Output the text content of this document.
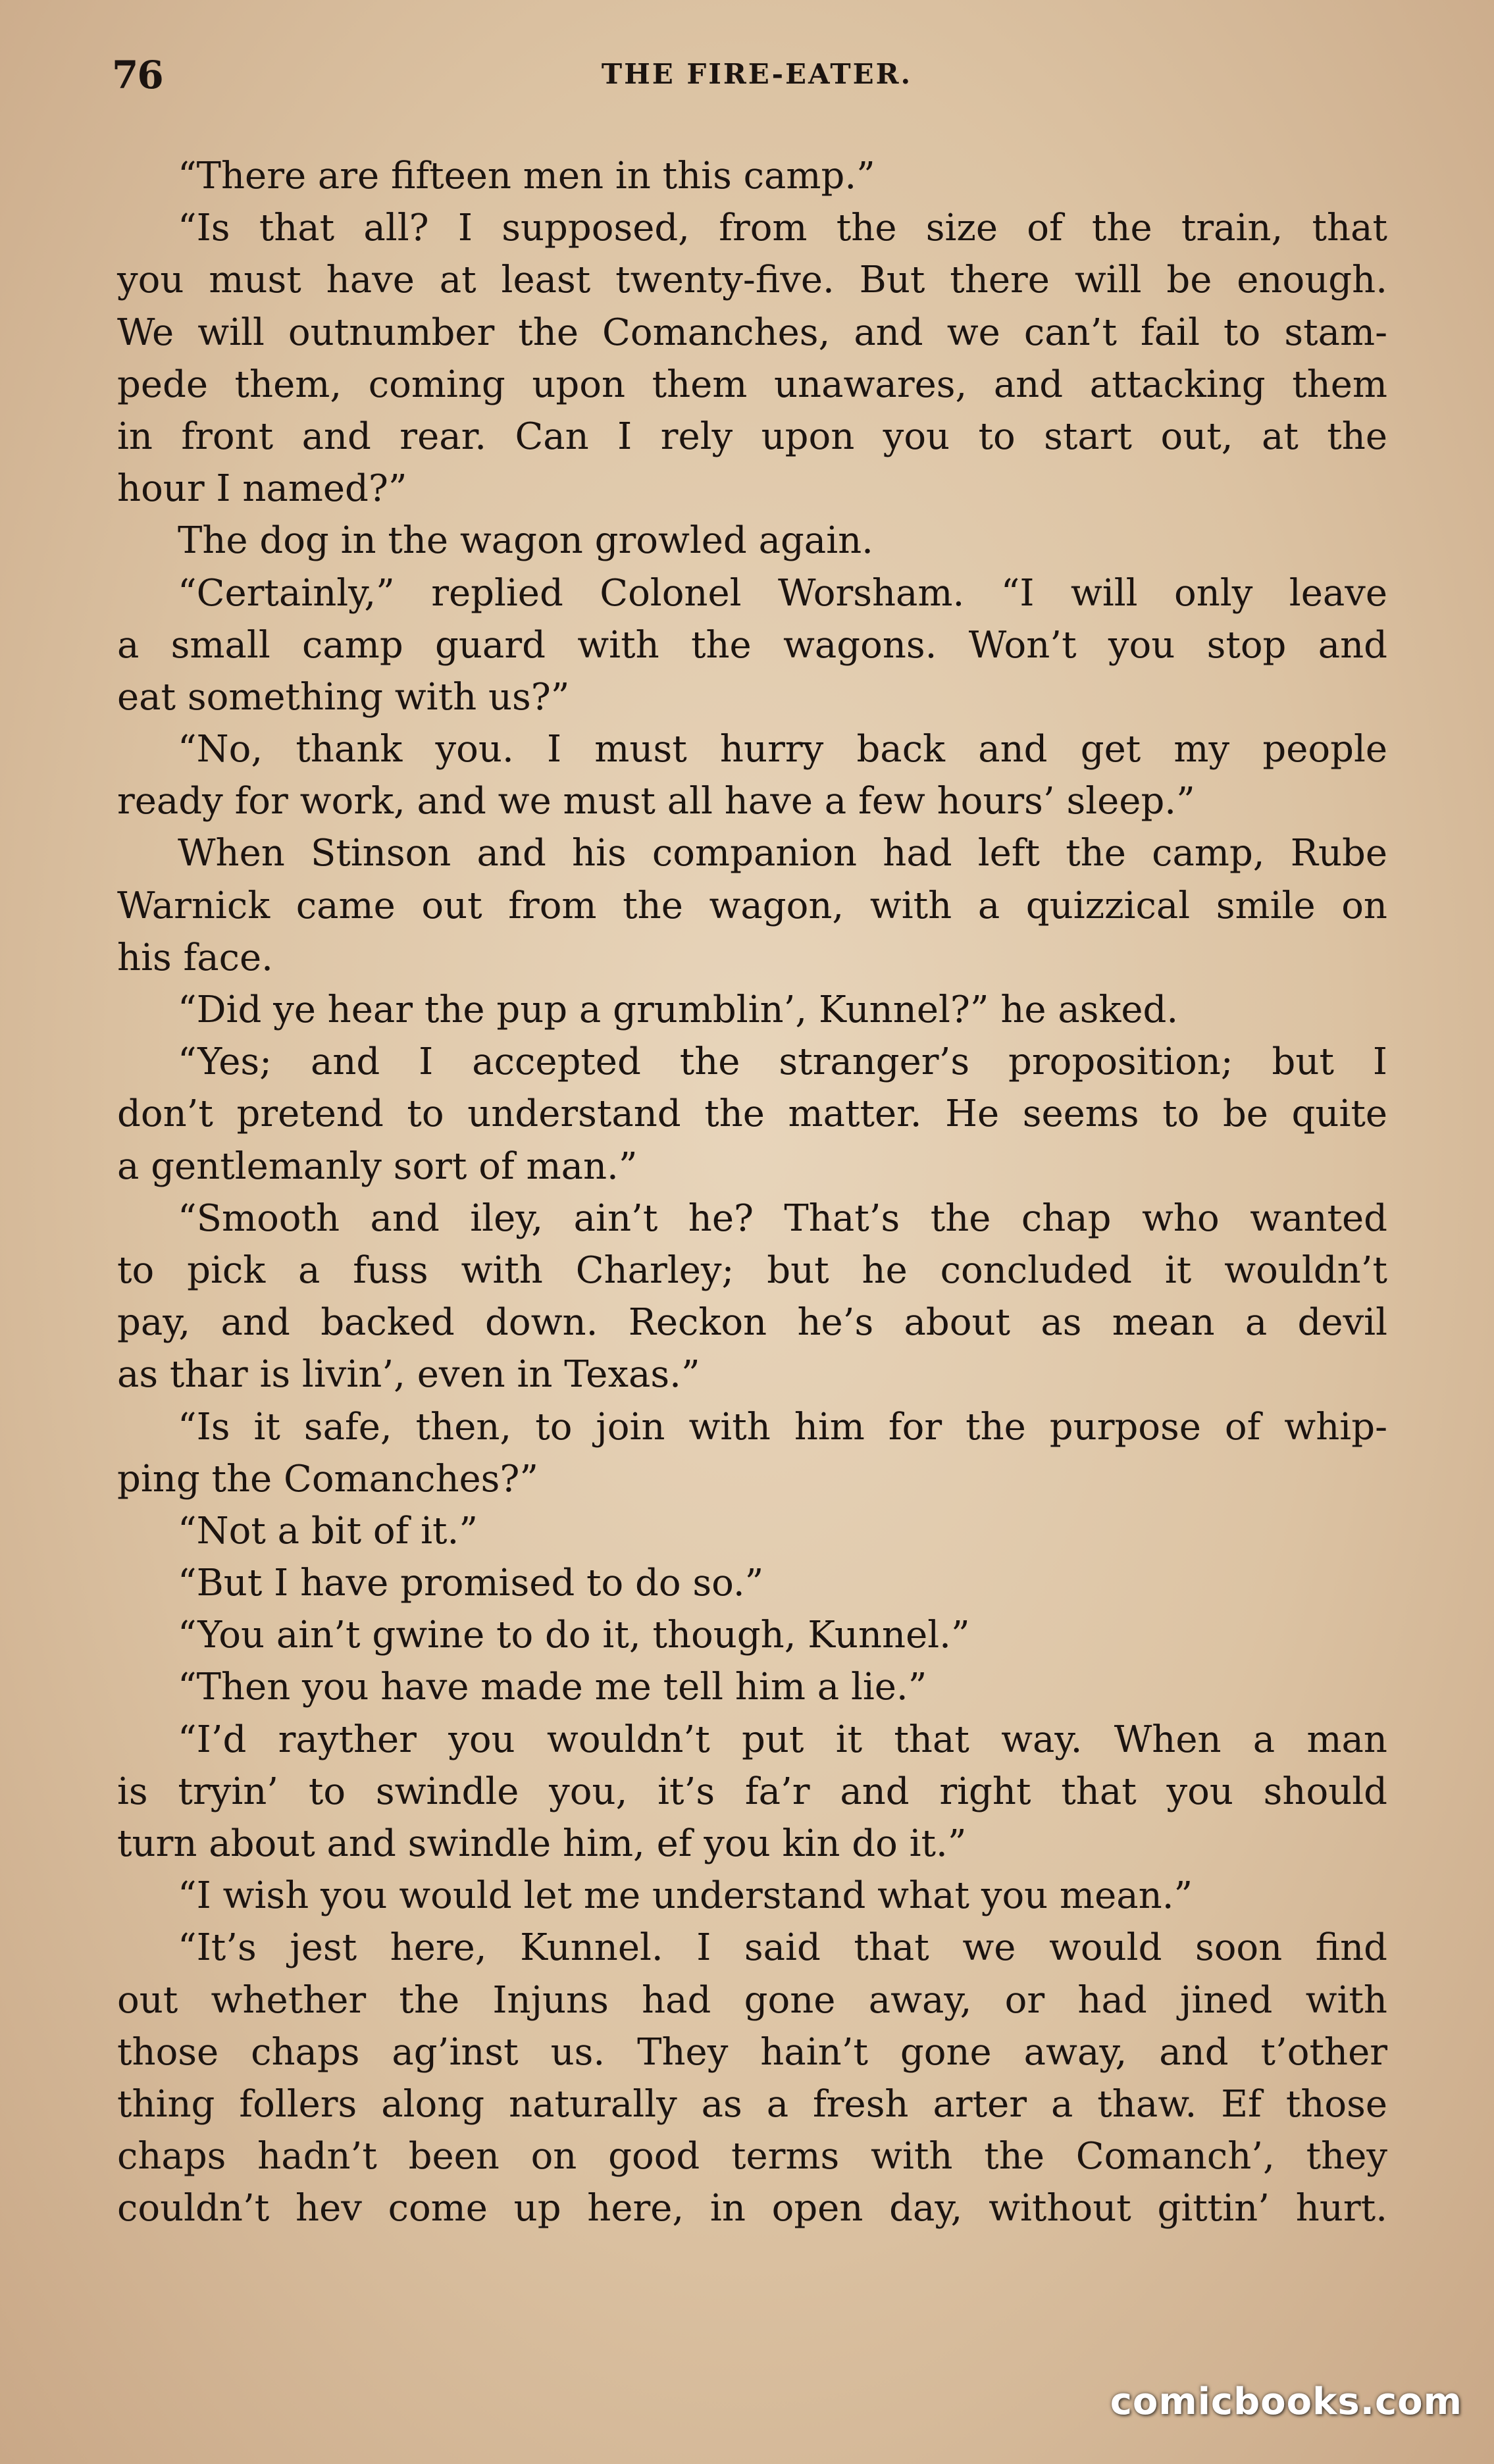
76	THE FIRE-EATER.
“There are fifteen men in this camp.”
“Is that all? I supposed, from the size of the train, that
you must have at least twenty-five. But there will be enough.
We will outnumber the Comanches, and we can’t fail to stam-
pede them, coming upon them unawares, and attacking them
in front and rear. Can I rely upon you to start out, at the
hour I named?”
The dog in the wagon growled again.
“Certainly,” replied Colonel Worsham. “I will only leave
a small camp guard with the wagons. Won’t you stop and
eat something with us?”
“No, thank you. I must hurry back and get my people
ready for work, and we must all have a few hours’ sleep.”
When Stinson and his companion had left the camp, Rube
Warnick came out from the wagon, with a quizzical smile on
his face.
“Did ye hear the pup a grumblin’, Kunnel?” he asked.
“Yes; and I accepted the stranger’s proposition; but I
don’t pretend to understand the matter. He seems to be quite
a gentlemanly sort of man.”
“Smooth and iley, ain’t he? That’s the chap who wanted
to pick a fuss with Charley; but he concluded it wouldn’t
pay, and backed down. Reckon he’s about as mean a devil
as thar is livin’, even in Texas.”
“Is it safe, then, to join with him for the purpose of whip-
ping the Comanches?”
“Not a bit of it.”
“But I have promised to do so.”
“You ain’t gwine to do it, though, Kunnel.”
“Then you have made me tell him a lie.”
“I’d rayther you wouldn’t put it that way. When a man
is tryin’ to swindle you, it’s fa’r and right that you should
turn about and swindle him, ef you kin do it.”
“I wish you would let me understand what you mean.”
“It’s jest here, Kunnel. I said that we would soon find
out whether the Injuns had gone away, or had jined with
those chaps ag’inst us. They hain’t gone away, and t’other
thing follers along naturally as a fresh arter a thaw. Ef those
chaps hadn’t been on good terms with the Comanch’, they
couldn’t hev come up here, in open day, without gittin’ hurt.
comicbooks.com
